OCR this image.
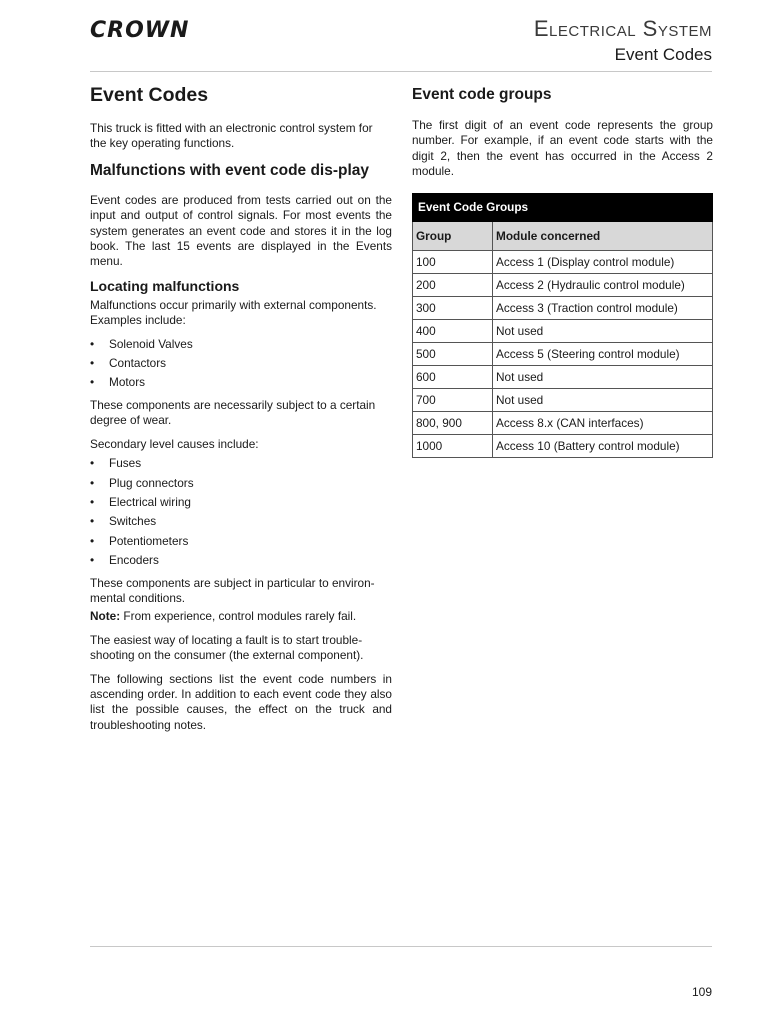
CROWN	Electrical System
Event Codes
Event Codes

This truck is fitted with an electronic control system for the key operating functions.

Malfunctions with event code dis-play

Event codes are produced from tests carried out on the input and output of control signals. For most events the system generates an event code and stores it in the log book. The last 15 events are displayed in the Events menu.

Locating malfunctions

Malfunctions occur primarily with external components. Examples include:

• Solenoid Valves
• Contactors
• Motors

These components are necessarily subject to a certain degree of wear.

Secondary level causes include:

• Fuses
• Plug connectors
• Electrical wiring
• Switches
• Potentiometers
• Encoders

These components are subject in particular to environ-mental conditions.

Note: From experience, control modules rarely fail.

The easiest way of locating a fault is to start trouble-shooting on the consumer (the external component).

The following sections list the event code numbers in ascending order. In addition to each event code they also list the possible causes, the effect on the truck and troubleshooting notes.

Event code groups

The first digit of an event code represents the group number. For example, if an event code starts with the digit 2, then the event has occurred in the Access 2 module.

Event Code Groups	
Group	Module concerned
100	Access 1 (Display control module)
200	Access 2 (Hydraulic control module)
300	Access 3 (Traction control module)
400	Not used
500	Access 5 (Steering control module)
600	Not used
700	Not used
800, 900	Access 8.x (CAN interfaces)
1000	Access 10 (Battery control module)
109
